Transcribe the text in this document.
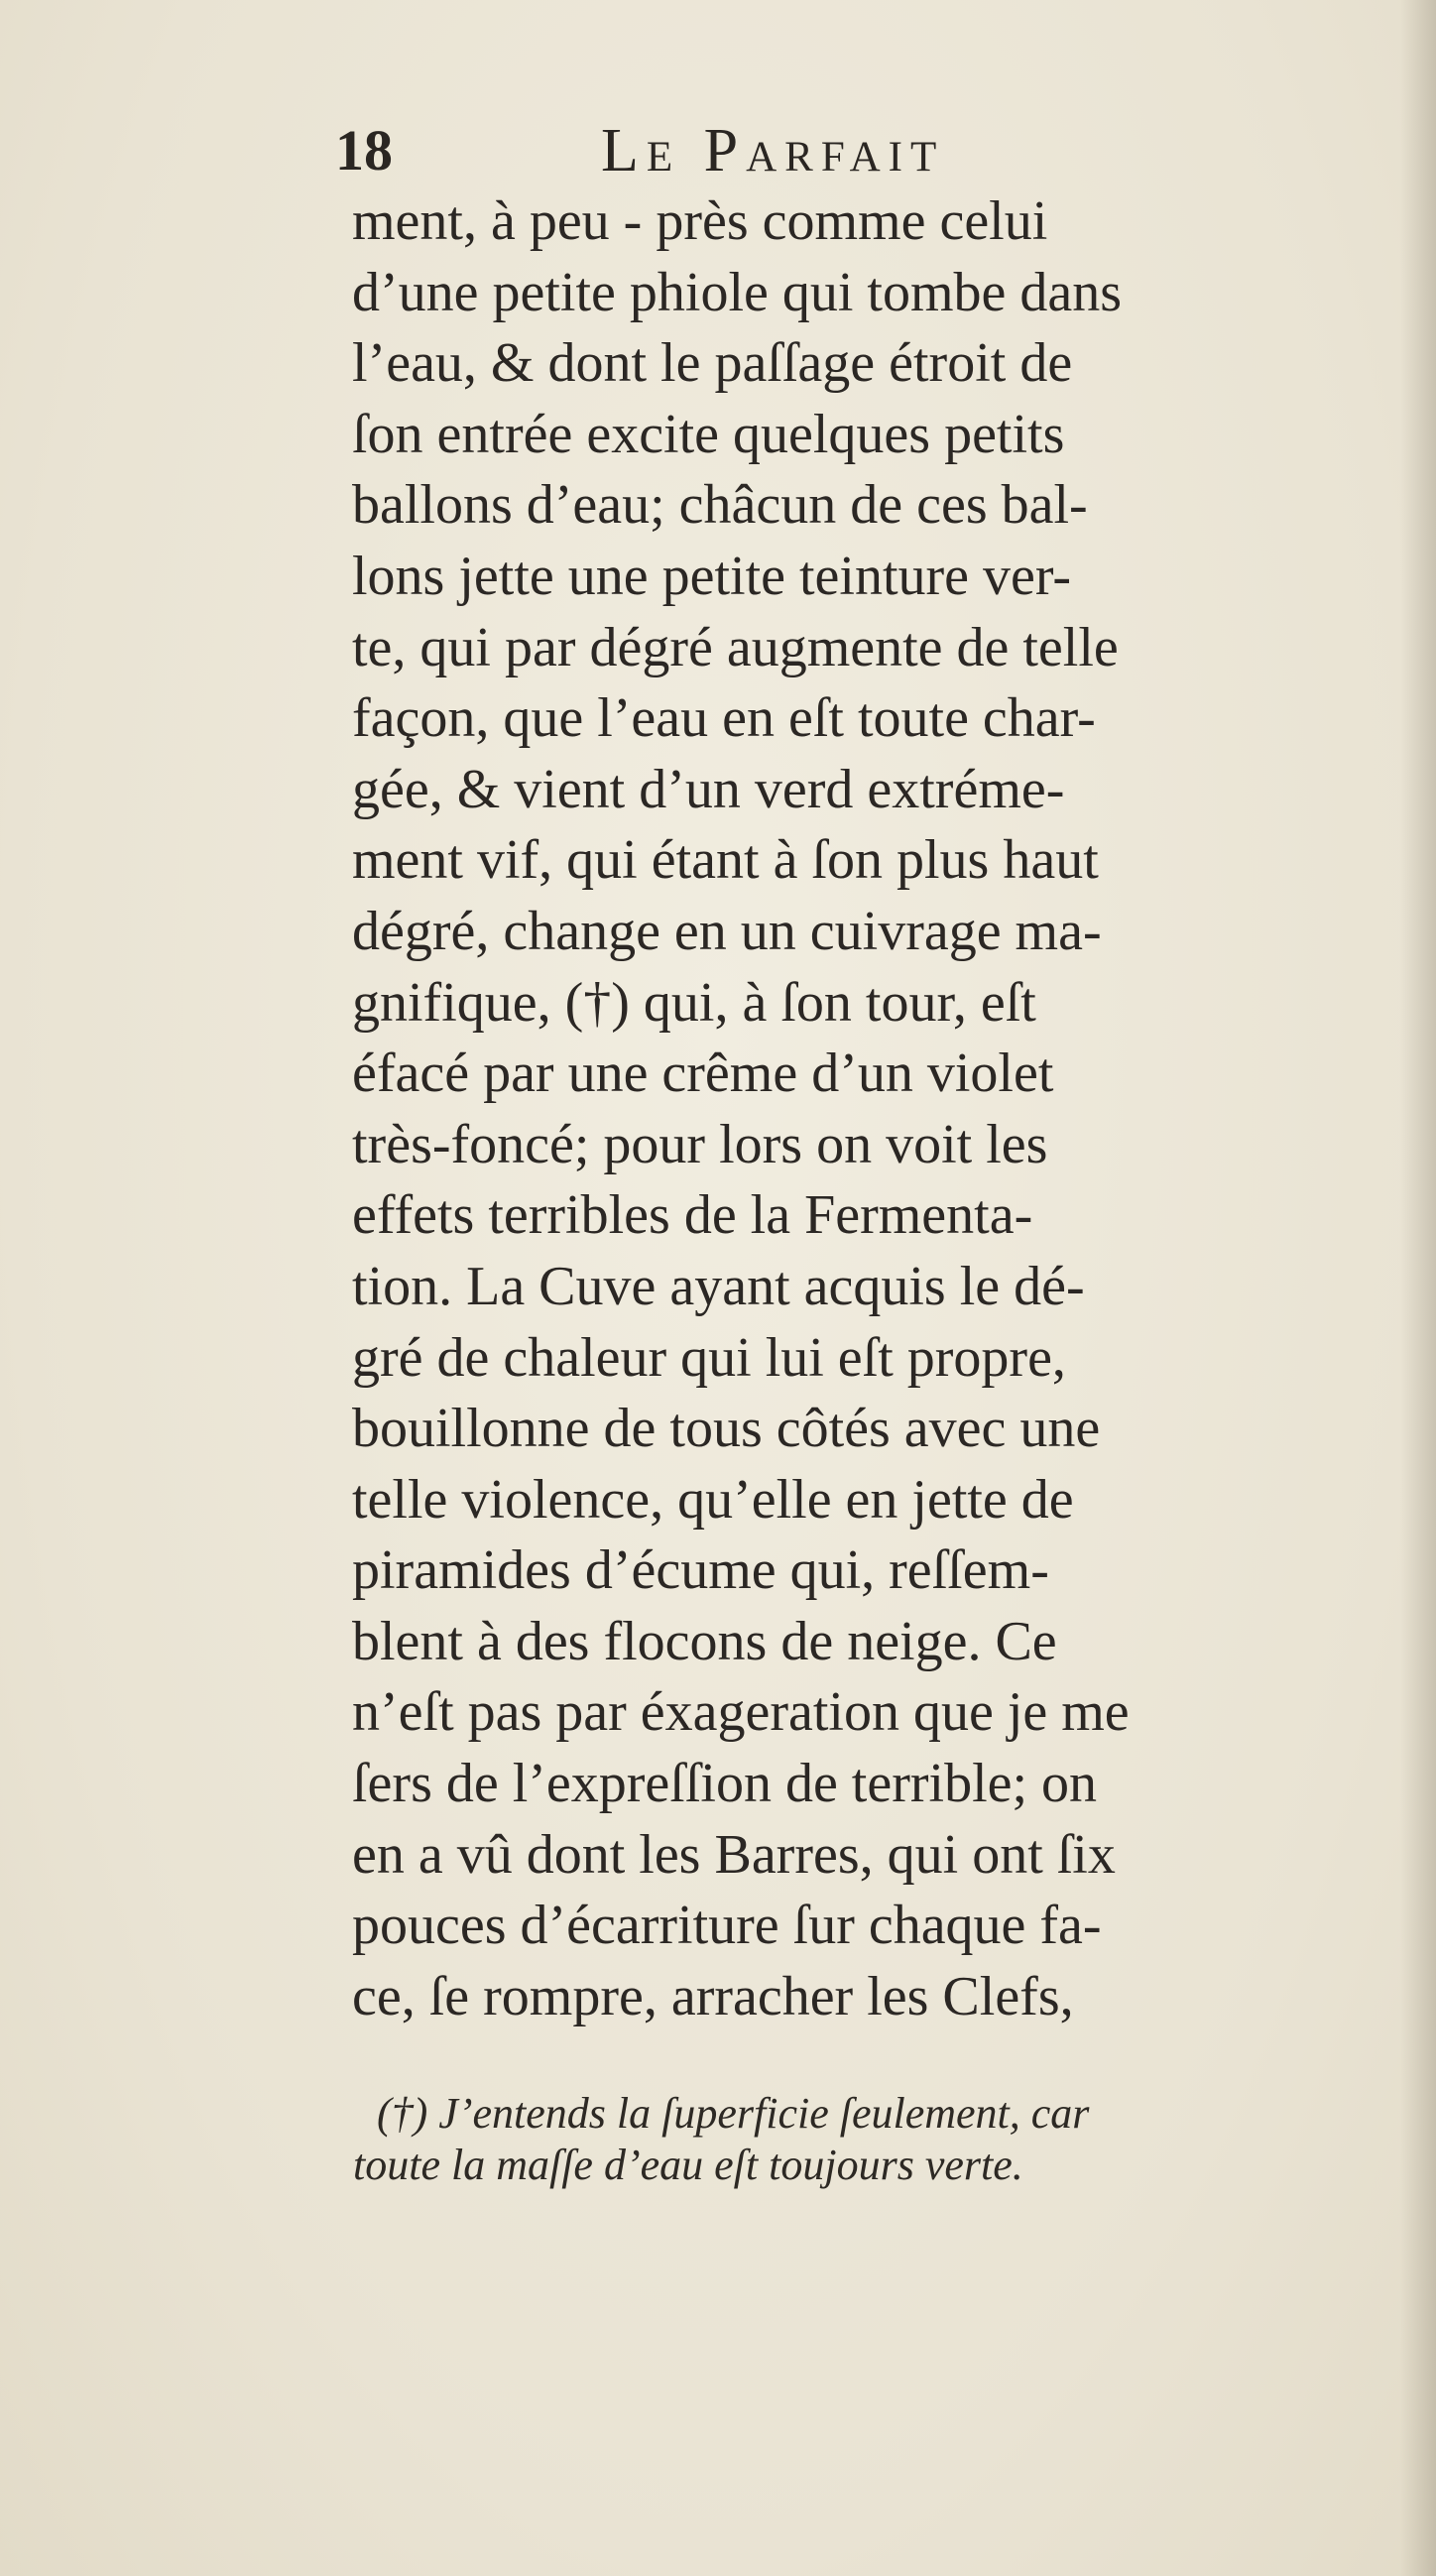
18	Le Parfait
ment, à peu - près comme celui
d’une petite phiole qui tombe dans
l’eau, & dont le paſſage étroit de
ſon entrée excite quelques petits
ballons d’eau; châcun de ces bal-
lons jette une petite teinture ver-
te, qui par dégré augmente de telle
façon, que l’eau en eſt toute char-
gée, & vient d’un verd extréme-
ment vif, qui étant à ſon plus haut
dégré, change en un cuivrage ma-
gnifique, (†) qui, à ſon tour, eſt
éfacé par une crême d’un violet
très-foncé; pour lors on voit les
effets terribles de la Fermenta-
tion. La Cuve ayant acquis le dé-
gré de chaleur qui lui eſt propre,
bouillonne de tous côtés avec une
telle violence, qu’elle en jette de
piramides d’écume qui, reſſem-
blent à des flocons de neige. Ce
n’eſt pas par éxageration que je me
ſers de l’expreſſion de terrible; on
en a vû dont les Barres, qui ont ſix
pouces d’écarriture ſur chaque fa-
ce, ſe rompre, arracher les Clefs,
(†) J’entends la ſuperficie ſeulement, car
toute la maſſe d’eau eſt toujours verte.
